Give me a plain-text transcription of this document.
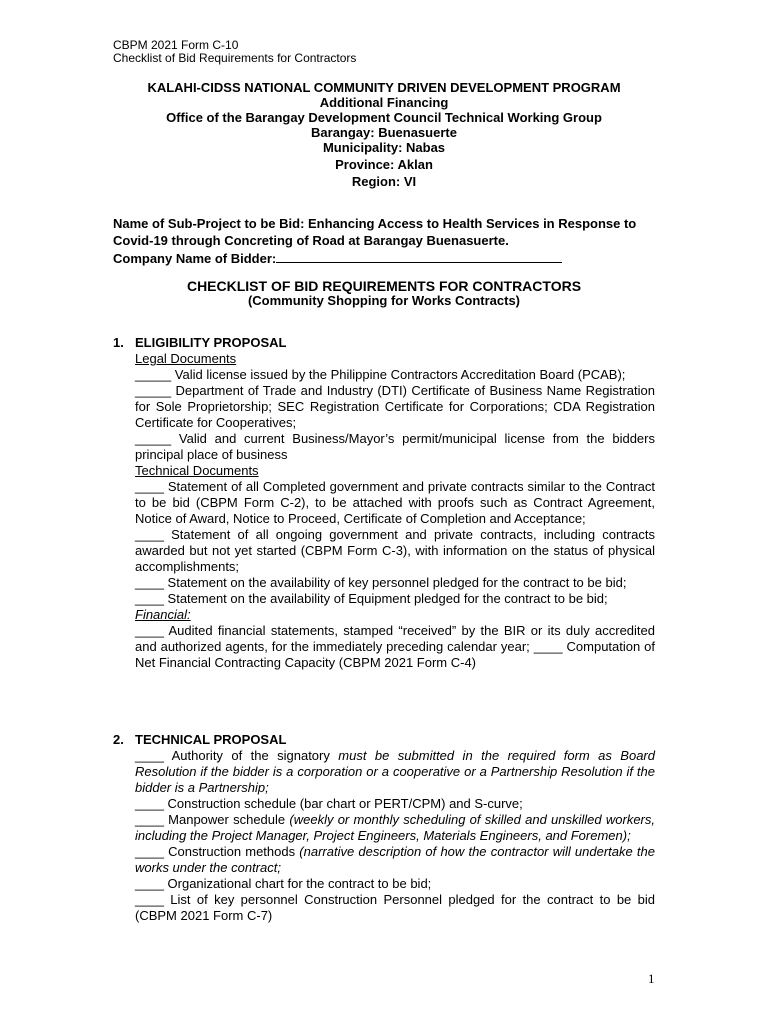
CBPM 2021 Form C-10
Checklist of Bid Requirements for Contractors
KALAHI-CIDSS NATIONAL COMMUNITY DRIVEN DEVELOPMENT PROGRAM
Additional Financing
Office of the Barangay Development Council Technical Working Group
Barangay: Buenasuerte
Municipality: Nabas
Province: Aklan
Region: VI
Name of Sub-Project to be Bid: Enhancing Access to Health Services in Response to Covid-19 through Concreting of Road at Barangay Buenasuerte.
Company Name of Bidder:
CHECKLIST OF BID REQUIREMENTS FOR CONTRACTORS
(Community Shopping for Works Contracts)
1. ELIGIBILITY PROPOSAL

Legal Documents

_____ Valid license issued by the Philippine Contractors Accreditation Board (PCAB);

_____ Department of Trade and Industry (DTI) Certificate of Business Name Registration for Sole Proprietorship; SEC Registration Certificate for Corporations; CDA Registration Certificate for Cooperatives;

_____ Valid and current Business/Mayor’s permit/municipal license from the bidders principal place of business

Technical Documents

____ Statement of all Completed government and private contracts similar to the Contract to be bid (CBPM Form C-2), to be attached with proofs such as Contract Agreement, Notice of Award, Notice to Proceed, Certificate of Completion and Acceptance;

____ Statement of all ongoing government and private contracts, including contracts awarded but not yet started (CBPM Form C-3), with information on the status of physical accomplishments;

____ Statement on the availability of key personnel pledged for the contract to be bid;

____ Statement on the availability of Equipment pledged for the contract to be bid;

Financial:

____ Audited financial statements, stamped “received” by the BIR or its duly accredited and authorized agents, for the immediately preceding calendar year; ____ Computation of Net Financial Contracting Capacity (CBPM 2021 Form C-4)

2. TECHNICAL PROPOSAL

____ Authority of the signatory must be submitted in the required form as Board Resolution if the bidder is a corporation or a cooperative or a Partnership Resolution if the bidder is a Partnership;

____ Construction schedule (bar chart or PERT/CPM) and S-curve;

____ Manpower schedule (weekly or monthly scheduling of skilled and unskilled workers, including the Project Manager, Project Engineers, Materials Engineers, and Foremen);

____ Construction methods (narrative description of how the contractor will undertake the works under the contract;

____ Organizational chart for the contract to be bid;

____ List of key personnel Construction Personnel pledged for the contract to be bid (CBPM 2021 Form C-7)

1
